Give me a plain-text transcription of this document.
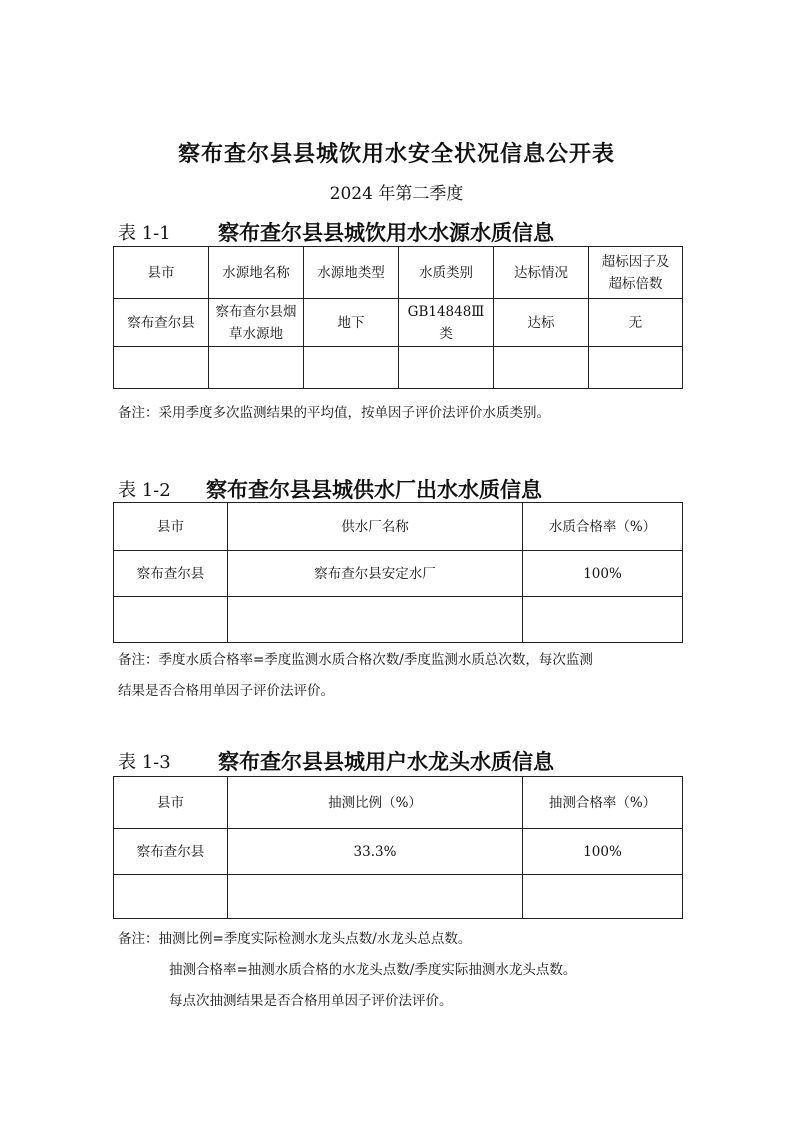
察布查尔县县城饮用水安全状况信息公开表
2024 年第二季度
表 1-1 察布查尔县县城饮用水水源水质信息
县市	水源地名称	水源地类型	水质类别	达标情况	超标因子及超标倍数
察布查尔县	察布查尔县烟草水源地	地下	GB14848Ⅲ类	达标	无

备注：采用季度多次监测结果的平均值，按单因子评价法评价水质类别。
表 1-2 察布查尔县县城供水厂出水水质信息
县市	供水厂名称	水质合格率（%）
察布查尔县	察布查尔县安定水厂	100%

备注：季度水质合格率=季度监测水质合格次数/季度监测水质总次数，每次监测
结果是否合格用单因子评价法评价。
表 1-3 察布查尔县县城用户水龙头水质信息
县市	抽测比例（%）	抽测合格率（%）
察布查尔县	33.3%	100%

备注：抽测比例=季度实际检测水龙头点数/水龙头总点数。
抽测合格率=抽测水质合格的水龙头点数/季度实际抽测水龙头点数。
每点次抽测结果是否合格用单因子评价法评价。
